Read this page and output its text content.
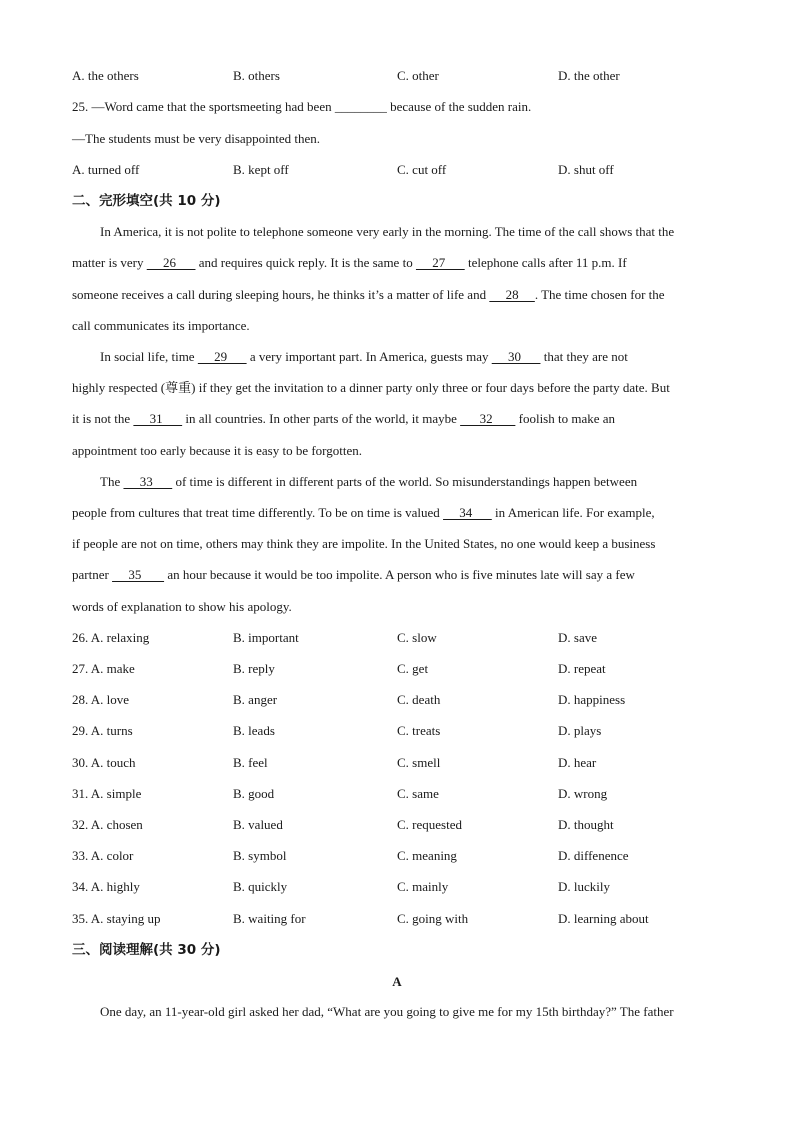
A. the others	B. others	C. other	D. the other
25. —Word came that the sportsmeeting had been ________ because of the sudden rain.
—The students must be very disappointed then.
A. turned off	B. kept off	C. cut off	D. shut off
二、完形填空(共 10 分)
In America, it is not polite to telephone someone very early in the morning. The time of the call shows that the
matter is very      26       and requires quick reply. It is the same to      27       telephone calls after 11 p.m. If
someone receives a call during sleeping hours, he thinks it’s a matter of life and      28     . The time chosen for the
call communicates its importance.
In social life, time      29       a very important part. In America, guests may      30       that they are not
highly respected (尊重) if they get the invitation to a dinner party only three or four days before the party date. But
it is not the      31       in all countries. In other parts of the world, it maybe       32        foolish to make an
appointment too early because it is easy to be forgotten.
The      33       of time is different in different parts of the world. So misunderstandings happen between
people from cultures that treat time differently. To be on time is valued      34       in American life. For example,
if people are not on time, others may think they are impolite. In the United States, no one would keep a business
partner      35        an hour because it would be too impolite. A person who is five minutes late will say a few
words of explanation to show his apology.
26. A. relaxing	B. important	C. slow	D. save
27. A. make	B. reply	C. get	D. repeat
28. A. love	B. anger	C. death	D. happiness
29. A. turns	B. leads	C. treats	D. plays
30. A. touch	B. feel	C. smell	D. hear
31. A. simple	B. good	C. same	D. wrong
32. A. chosen	B. valued	C. requested	D. thought
33. A. color	B. symbol	C. meaning	D. diffenence
34. A. highly	B. quickly	C. mainly	D. luckily
35. A. staying up	B. waiting for	C. going with	D. learning about
三、阅读理解(共 30 分)
A
One day, an 11-year-old girl asked her dad, “What are you going to give me for my 15th birthday?” The father
